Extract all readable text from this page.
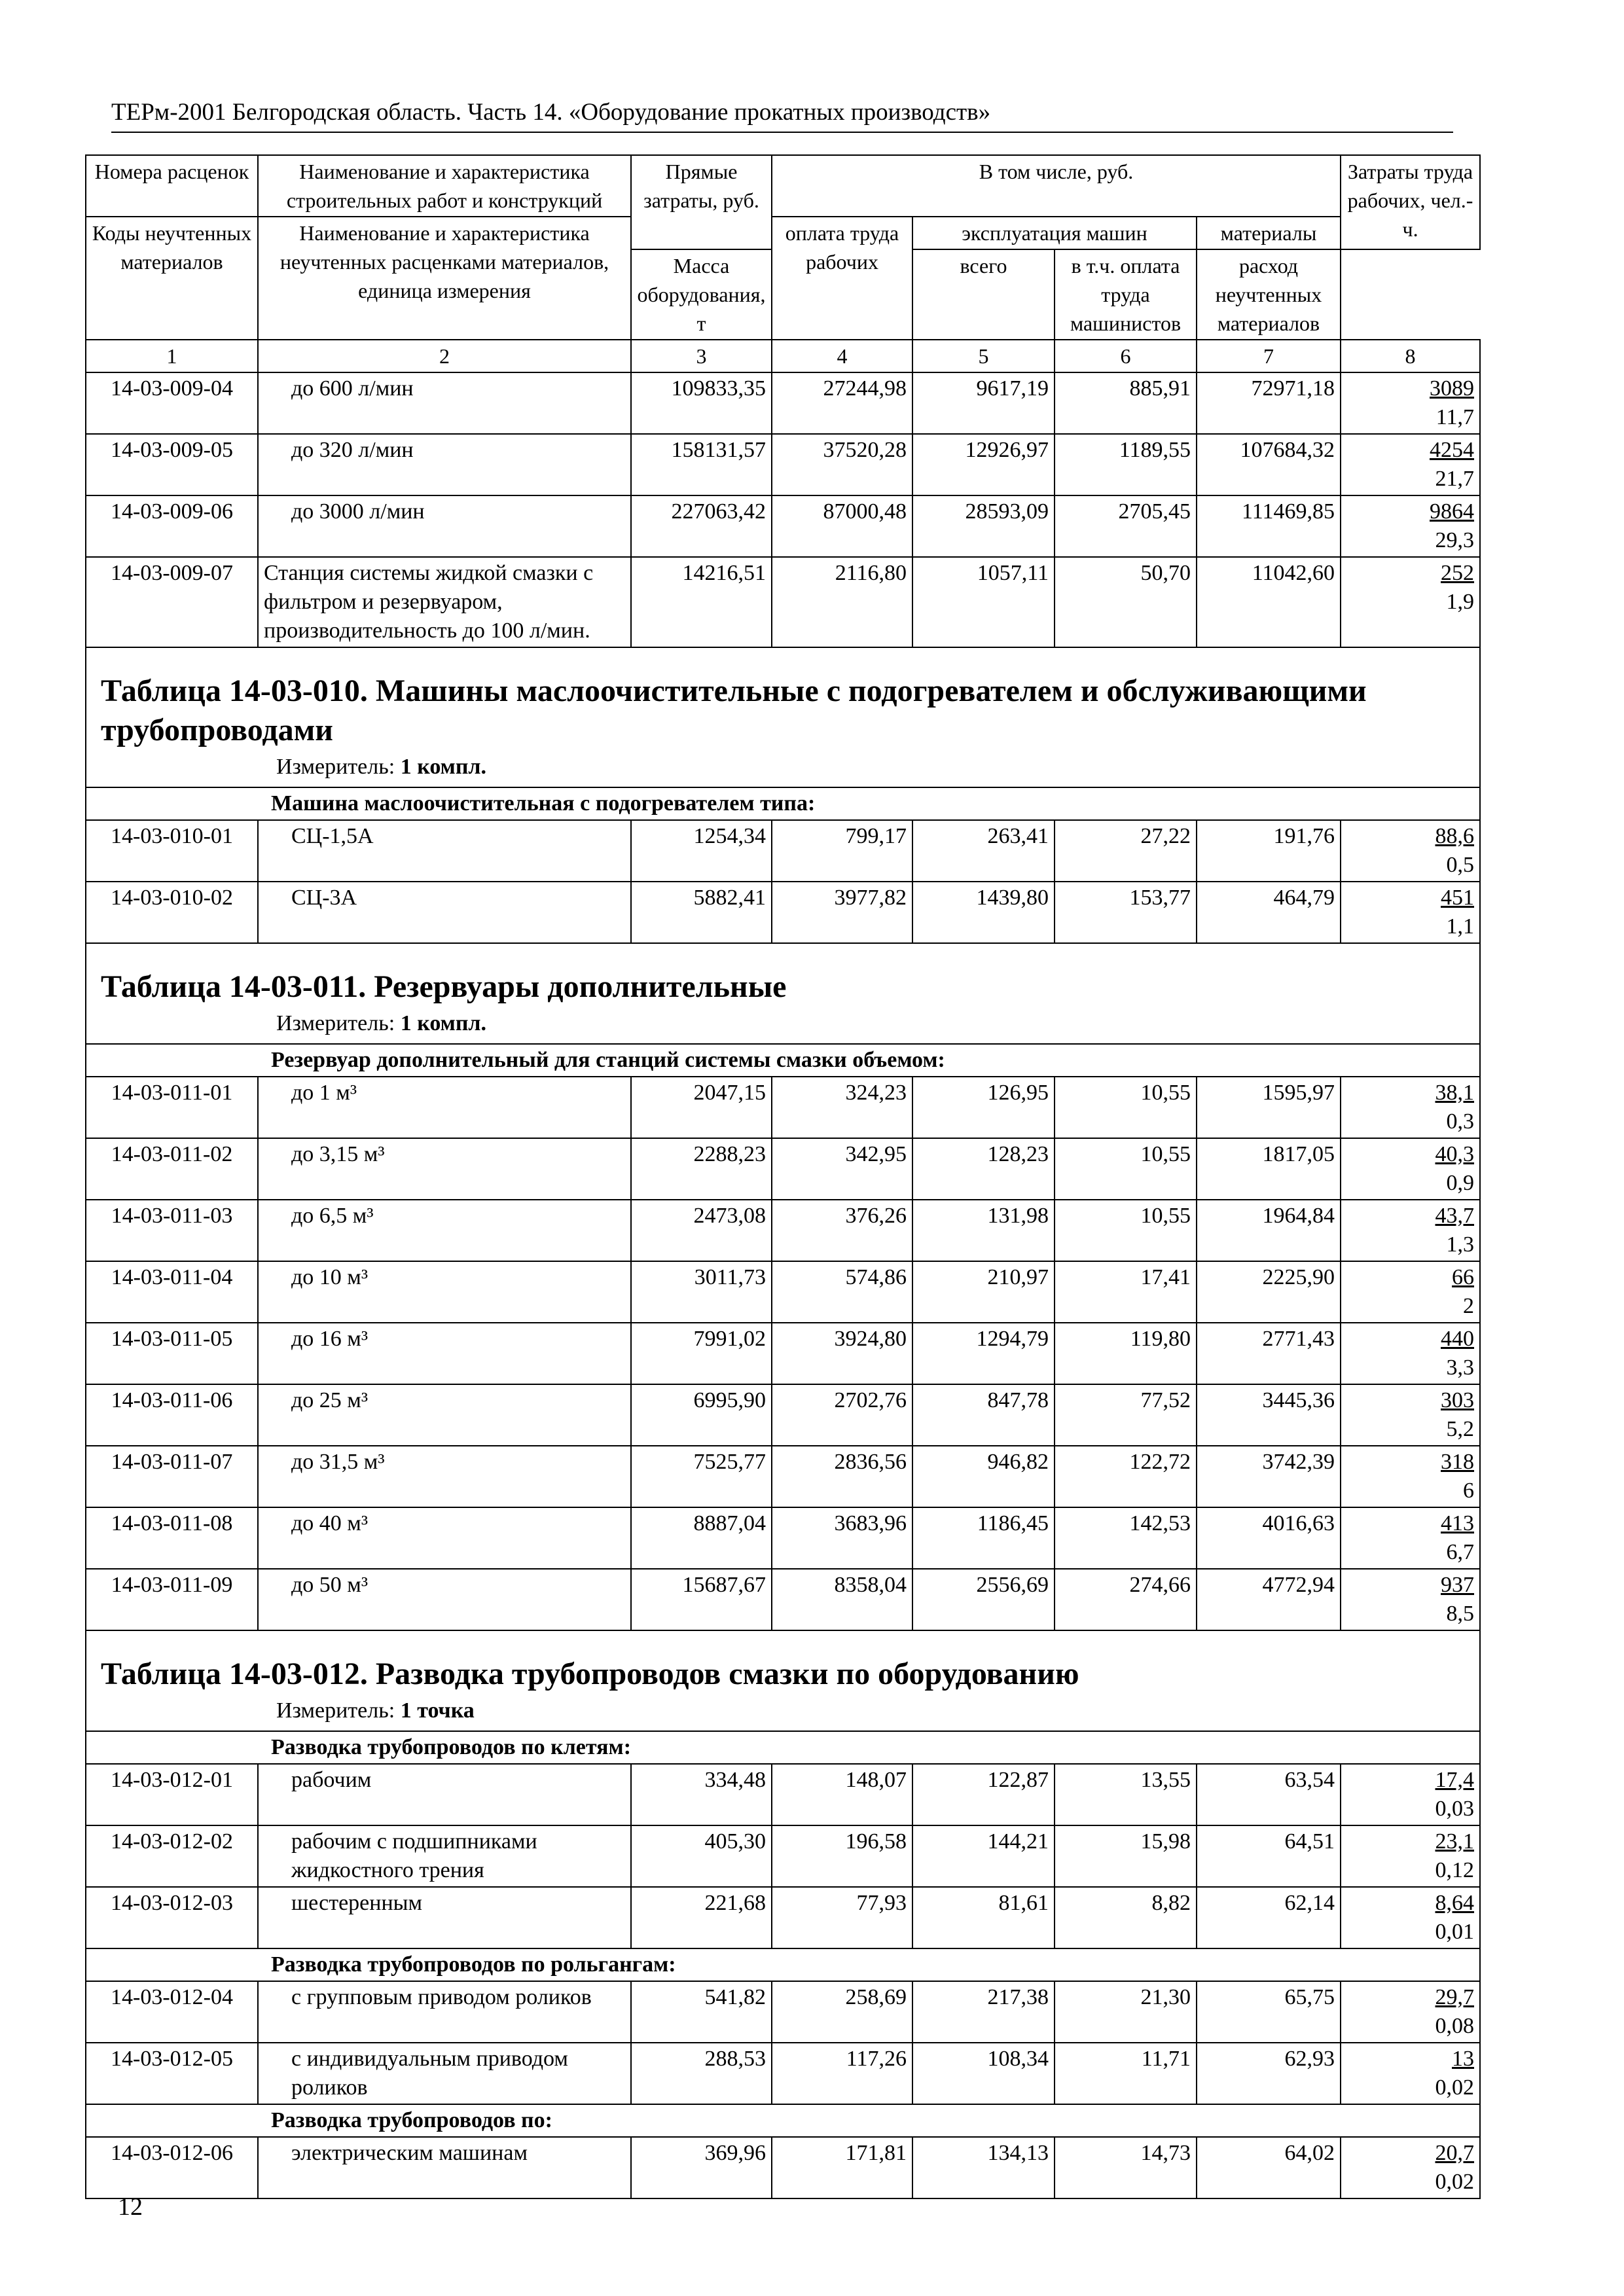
ТЕРм-2001 Белгородская область. Часть 14. «Оборудование прокатных производств»
Номера расценок	Наименование и характеристика строительных работ и конструкций	Прямые затраты, руб.	В том числе, руб.				Затраты труда рабочих, чел.-ч.
Коды неучтенных материалов	Наименование и характеристика неучтенных расценками материалов, единица измерения		оплата труда рабочих	эксплуатация машин		материалы	
				всего	в т.ч. оплата труда машинистов	расход неучтенных материалов	
		Масса оборудования, т					
1	2	3	4	5	6	7	8
14-03-009-04	до 600 л/мин	109833,35	27244,98	9617,19	885,91	72971,18	3089
11,7

14-03-009-05	до 320 л/мин	158131,57	37520,28	12926,97	1189,55	107684,32	4254
21,7

14-03-009-06	до 3000 л/мин	227063,42	87000,48	28593,09	2705,45	111469,85	9864
29,3

14-03-009-07	Станция системы жидкой смазки с фильтром и резервуаром, производительность до 100 л/мин.	14216,51	2116,80	1057,11	50,70	11042,60	252
1,9

Таблица 14-03-010. Машины маслоочистительные с подогревателем и обслуживающими трубопроводами
Измеритель: 1 компл.							

Машина маслоочистительная с подогревателем типа:							
14-03-010-01	СЦ-1,5А	1254,34	799,17	263,41	27,22	191,76	88,6
0,5

14-03-010-02	СЦ-3А	5882,41	3977,82	1439,80	153,77	464,79	451
1,1

Таблица 14-03-011. Резервуары дополнительные
Измеритель: 1 компл.							

Резервуар дополнительный для станций системы смазки объемом:							
14-03-011-01	до 1 м³	2047,15	324,23	126,95	10,55	1595,97	38,1
0,3

14-03-011-02	до 3,15 м³	2288,23	342,95	128,23	10,55	1817,05	40,3
0,9

14-03-011-03	до 6,5 м³	2473,08	376,26	131,98	10,55	1964,84	43,7
1,3

14-03-011-04	до 10 м³	3011,73	574,86	210,97	17,41	2225,90	66
2

14-03-011-05	до 16 м³	7991,02	3924,80	1294,79	119,80	2771,43	440
3,3

14-03-011-06	до 25 м³	6995,90	2702,76	847,78	77,52	3445,36	303
5,2

14-03-011-07	до 31,5 м³	7525,77	2836,56	946,82	122,72	3742,39	318
6

14-03-011-08	до 40 м³	8887,04	3683,96	1186,45	142,53	4016,63	413
6,7

14-03-011-09	до 50 м³	15687,67	8358,04	2556,69	274,66	4772,94	937
8,5

Таблица 14-03-012. Разводка трубопроводов смазки по оборудованию
Измеритель: 1 точка							

Разводка трубопроводов по клетям:							
14-03-012-01	рабочим	334,48	148,07	122,87	13,55	63,54	17,4
0,03

14-03-012-02	рабочим с подшипниками жидкостного трения	405,30	196,58	144,21	15,98	64,51	23,1
0,12

14-03-012-03	шестеренным	221,68	77,93	81,61	8,82	62,14	8,64
0,01

Разводка трубопроводов по рольгангам:							
14-03-012-04	с групповым приводом роликов	541,82	258,69	217,38	21,30	65,75	29,7
0,08

14-03-012-05	с индивидуальным приводом роликов	288,53	117,26	108,34	11,71	62,93	13
0,02

Разводка трубопроводов по:							
14-03-012-06	электрическим машинам	369,96	171,81	134,13	14,73	64,02	20,7
0,02
12
